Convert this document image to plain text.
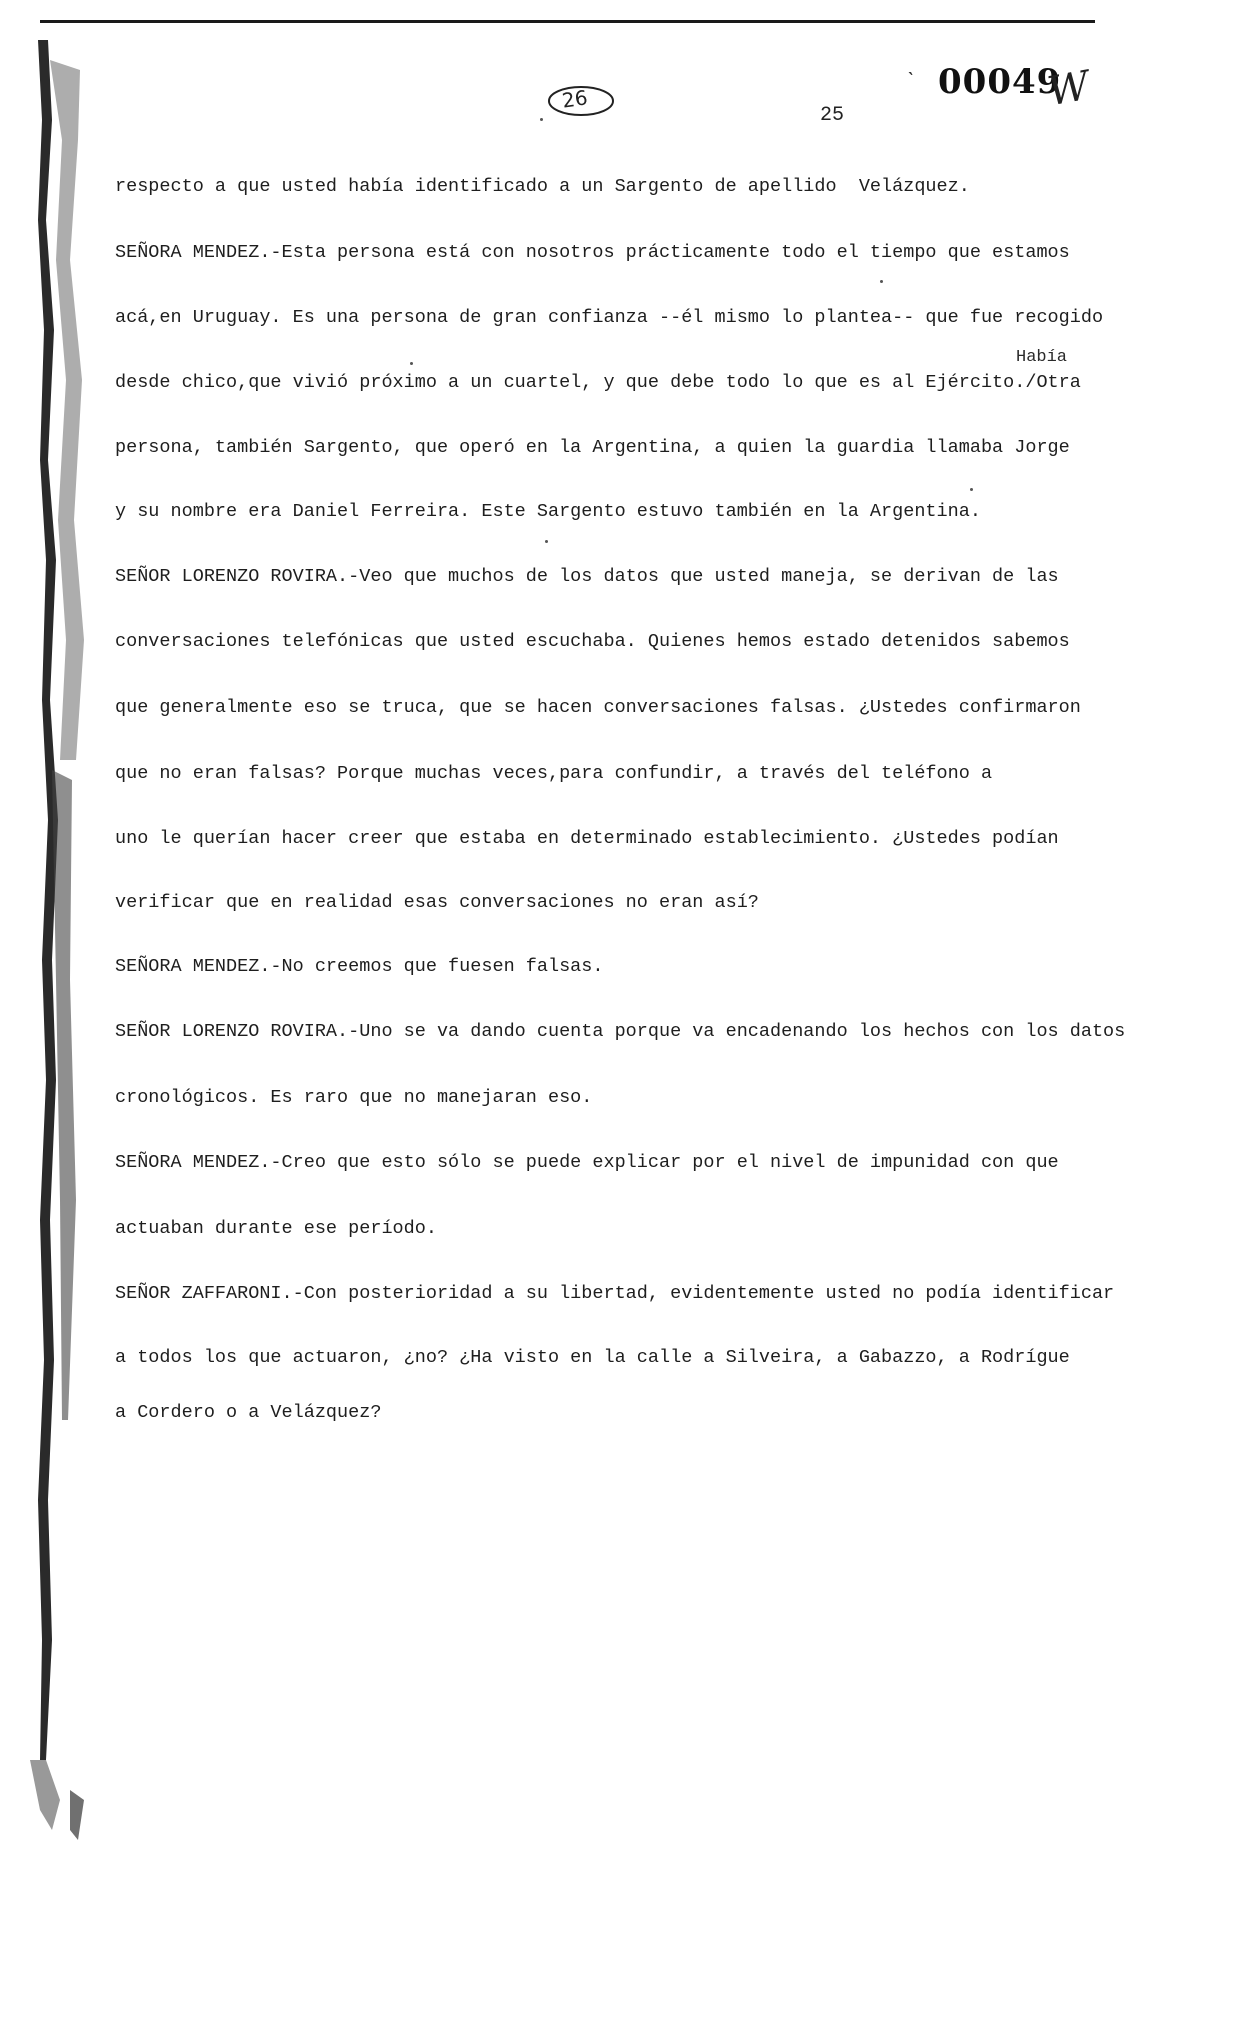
26
ˋ
25
00049
W
respecto a que usted había identificado a un Sargento de apellido  Velázquez.
SEÑORA MENDEZ.-Esta persona está con nosotros prácticamente todo el tiempo que estamos
acá,en Uruguay. Es una persona de gran confianza --él mismo lo plantea-- que fue recogido
Había
desde chico,que vivió próximo a un cuartel, y que debe todo lo que es al Ejército./Otra
persona, también Sargento, que operó en la Argentina, a quien la guardia llamaba Jorge
y su nombre era Daniel Ferreira. Este Sargento estuvo también en la Argentina.
SEÑOR LORENZO ROVIRA.-Veo que muchos de los datos que usted maneja, se derivan de las
conversaciones telefónicas que usted escuchaba. Quienes hemos estado detenidos sabemos
que generalmente eso se truca, que se hacen conversaciones falsas. ¿Ustedes confirmaron
que no eran falsas? Porque muchas veces,para confundir, a través del teléfono a
uno le querían hacer creer que estaba en determinado establecimiento. ¿Ustedes podían
verificar que en realidad esas conversaciones no eran así?
SEÑORA MENDEZ.-No creemos que fuesen falsas.
SEÑOR LORENZO ROVIRA.-Uno se va dando cuenta porque va encadenando los hechos con los datos
cronológicos. Es raro que no manejaran eso.
SEÑORA MENDEZ.-Creo que esto sólo se puede explicar por el nivel de impunidad con que
actuaban durante ese período.
SEÑOR ZAFFARONI.-Con posterioridad a su libertad, evidentemente usted no podía identificar
a todos los que actuaron, ¿no? ¿Ha visto en la calle a Silveira, a Gabazzo, a Rodrígue
a Cordero o a Velázquez?
